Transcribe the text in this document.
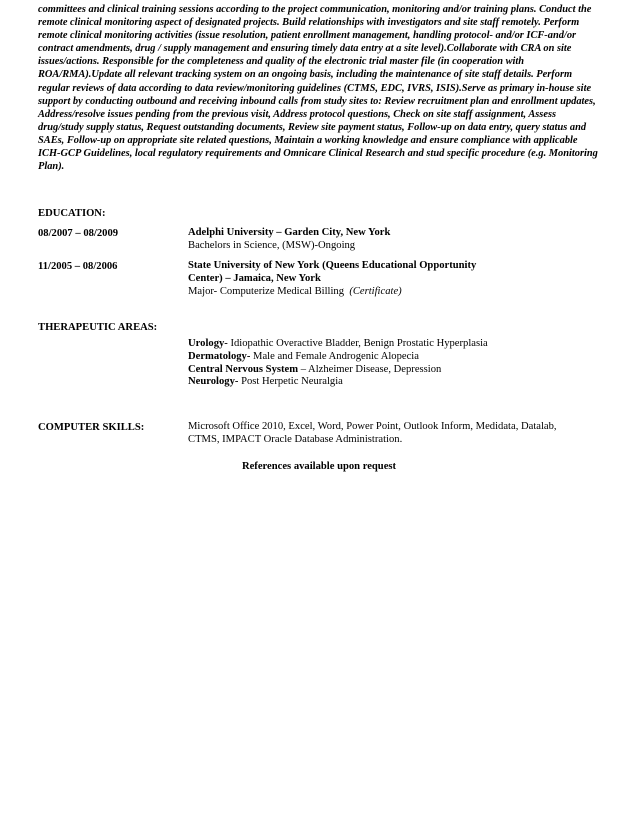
committees and clinical training sessions according to the project communication, monitoring and/or training plans. Conduct the remote clinical monitoring aspect of designated projects. Build relationships with investigators and site staff remotely. Perform remote clinical monitoring activities (issue resolution, patient enrollment management, handling protocol- and/or ICF-and/or contract amendments, drug / supply management and ensuring timely data entry at a site level).Collaborate with CRA on site issues/actions. Responsible for the completeness and quality of the electronic trial master file (in cooperation with ROA/RMA).Update all relevant tracking system on an ongoing basis, including the maintenance of site staff details. Perform regular reviews of data according to data review/monitoring guidelines (CTMS, EDC, IVRS, ISIS).Serve as primary in-house site support by conducting outbound and receiving inbound calls from study sites to: Review recruitment plan and enrollment updates, Address/resolve issues pending from the previous visit, Address protocol questions, Check on site staff assignment, Assess drug/study supply status, Request outstanding documents, Review site payment status, Follow-up on data entry, query status and SAEs, Follow-up on appropriate site related questions, Maintain a working knowledge and ensure compliance with applicable ICH-GCP Guidelines, local regulatory requirements and Omnicare Clinical Research and stud specific procedure (e.g. Monitoring Plan).

EDUCATION:
08/2007 – 08/2009	Adelphi University – Garden City, New York
Bachelors in Science, (MSW)-Ongoing
11/2005 – 08/2006	State University of New York (Queens Educational Opportunity
Center) – Jamaica, New York
Major- Computerize Medical Billing (Certificate)
THERAPEUTIC AREAS:
Urology- Idiopathic Overactive Bladder, Benign Prostatic Hyperplasia
Dermatology- Male and Female Androgenic Alopecia
Central Nervous System – Alzheimer Disease, Depression
Neurology- Post Herpetic Neuralgia
COMPUTER SKILLS:	Microsoft Office 2010, Excel, Word, Power Point, Outlook Inform, Medidata, Datalab,
CTMS, IMPACT Oracle Database Administration.
References available upon request
